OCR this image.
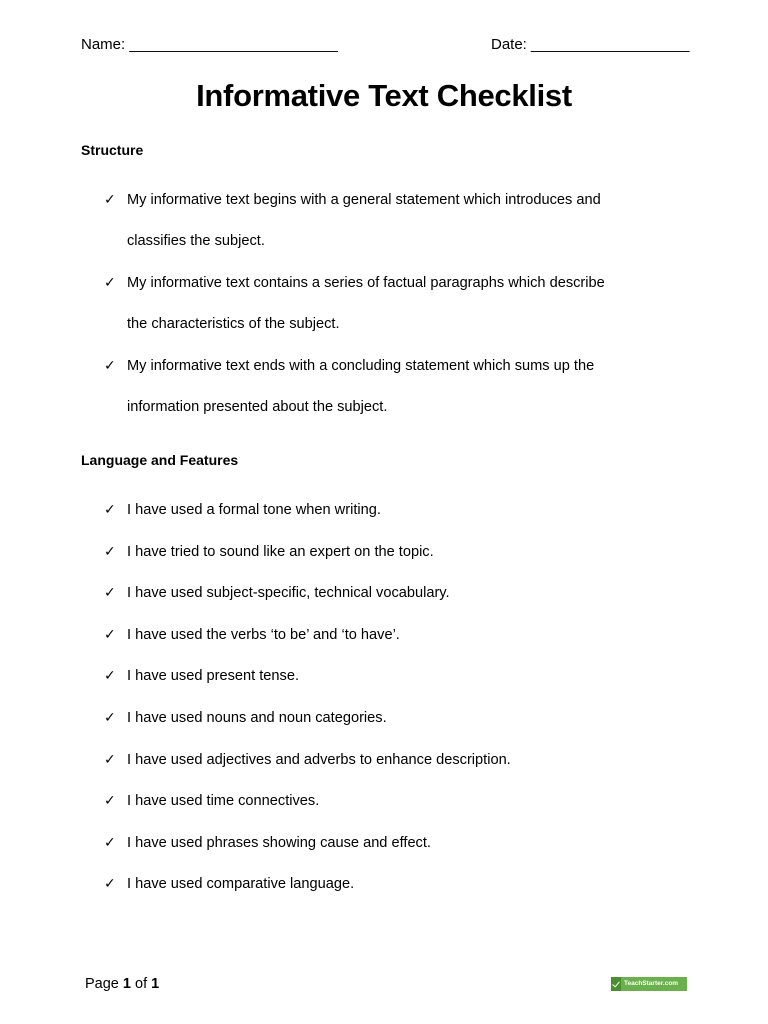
Name: _________________________	Date: ___________________
Informative Text Checklist
Structure
✓ My informative text begins with a general statement which introduces and
classifies the subject.
✓ My informative text contains a series of factual paragraphs which describe
the characteristics of the subject.
✓ My informative text ends with a concluding statement which sums up the
information presented about the subject.
Language and Features
✓ I have used a formal tone when writing.
✓ I have tried to sound like an expert on the topic.
✓ I have used subject-specific, technical vocabulary.
✓ I have used the verbs ‘to be’ and ‘to have’.
✓ I have used present tense.
✓ I have used nouns and noun categories.
✓ I have used adjectives and adverbs to enhance description.
✓ I have used time connectives.
✓ I have used phrases showing cause and effect.
✓ I have used comparative language.
Page 1 of 1	TeachStarter.com
